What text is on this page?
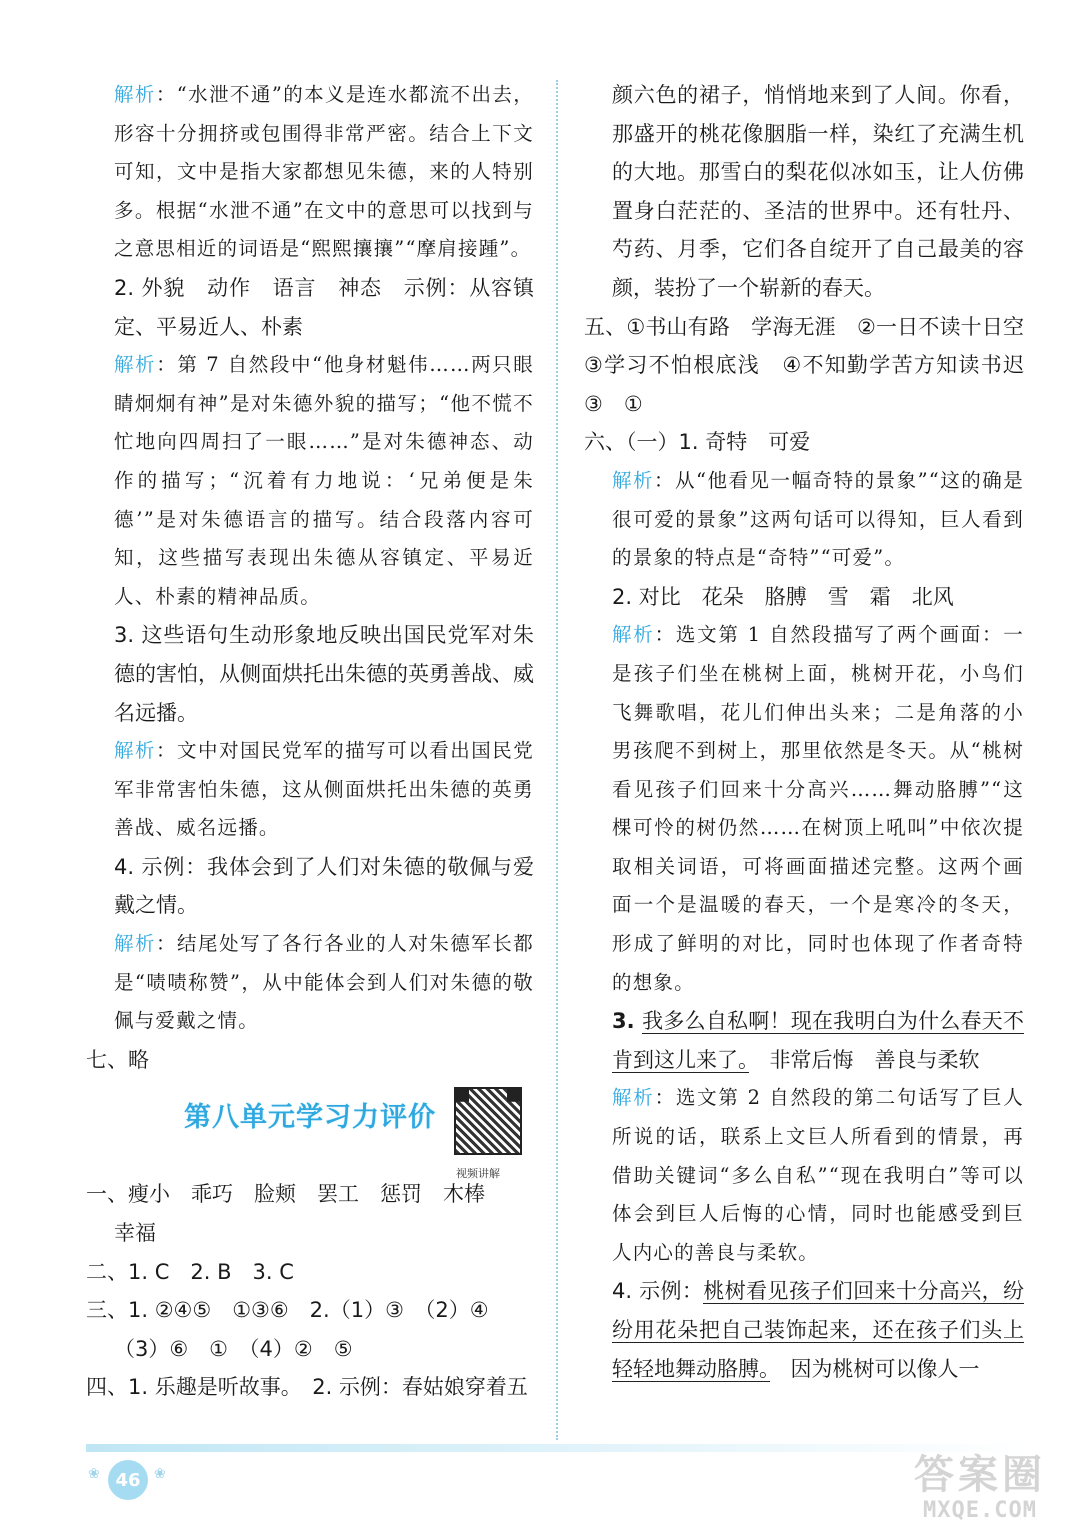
解析：“水泄不通”的本义是连水都流不出去，形容十分拥挤或包围得非常严密。结合上下文可知，文中是指大家都想见朱德，来的人特别多。根据“水泄不通”在文中的意思可以找到与之意思相近的词语是“熙熙攘攘”“摩肩接踵”。

2. 外貌　动作　语言　神态　示例：从容镇定、平易近人、朴素

解析：第 7 自然段中“他身材魁伟……两只眼睛炯炯有神”是对朱德外貌的描写；“他不慌不忙地向四周扫了一眼……”是对朱德神态、动作的描写；“沉着有力地说：‘兄弟便是朱德’”是对朱德语言的描写。结合段落内容可知，这些描写表现出朱德从容镇定、平易近人、朴素的精神品质。

3. 这些语句生动形象地反映出国民党军对朱德的害怕，从侧面烘托出朱德的英勇善战、威名远播。

解析：文中对国民党军的描写可以看出国民党军非常害怕朱德，这从侧面烘托出朱德的英勇善战、威名远播。

4. 示例：我体会到了人们对朱德的敬佩与爱戴之情。

解析：结尾处写了各行各业的人对朱德军长都是“啧啧称赞”，从中能体会到人们对朱德的敬佩与爱戴之情。

七、略

第八单元学习力评价
视频讲解

一、瘦小　乖巧　脸颊　罢工　惩罚　木棒

幸福

二、1. C　2. B　3. C

三、1. ②④⑤　①③⑥　2.（1）③　（2）④

（3）⑥　①　（4）②　⑤

四、1. 乐趣是听故事。　2. 示例：春姑娘穿着五

颜六色的裙子，悄悄地来到了人间。你看，那盛开的桃花像胭脂一样，染红了充满生机的大地。那雪白的梨花似冰如玉，让人仿佛置身白茫茫的、圣洁的世界中。还有牡丹、芍药、月季，它们各自绽开了自己最美的容颜，装扮了一个崭新的春天。

五、①书山有路　学海无涯　②一日不读十日空　③学习不怕根底浅　④不知勤学苦方知读书迟　③　①

六、（一）1. 奇特　可爱

解析：从“他看见一幅奇特的景象”“这的确是很可爱的景象”这两句话可以得知，巨人看到的景象的特点是“奇特”“可爱”。

2. 对比　花朵　胳膊　雪　霜　北风

解析：选文第 1 自然段描写了两个画面：一是孩子们坐在桃树上面，桃树开花，小鸟们飞舞歌唱，花儿们伸出头来；二是角落的小男孩爬不到树上，那里依然是冬天。从“桃树看见孩子们回来十分高兴……舞动胳膊”“这棵可怜的树仍然……在树顶上吼叫”中依次提取相关词语，可将画面描述完整。这两个画面一个是温暖的春天，一个是寒冷的冬天，形成了鲜明的对比，同时也体现了作者奇特的想象。

3. 我多么自私啊！现在我明白为什么春天不肯到这儿来了。　非常后悔　善良与柔软

解析：选文第 2 自然段的第二句话写了巨人所说的话，联系上文巨人所看到的情景，再借助关键词“多么自私”“现在我明白”等可以体会到巨人后悔的心情，同时也能感受到巨人内心的善良与柔软。

4. 示例：桃树看见孩子们回来十分高兴，纷纷用花朵把自己装饰起来，还在孩子们头上轻轻地舞动胳膊。　因为桃树可以像人一

❀ 46 ❀	答案圈
MXQE.COM
